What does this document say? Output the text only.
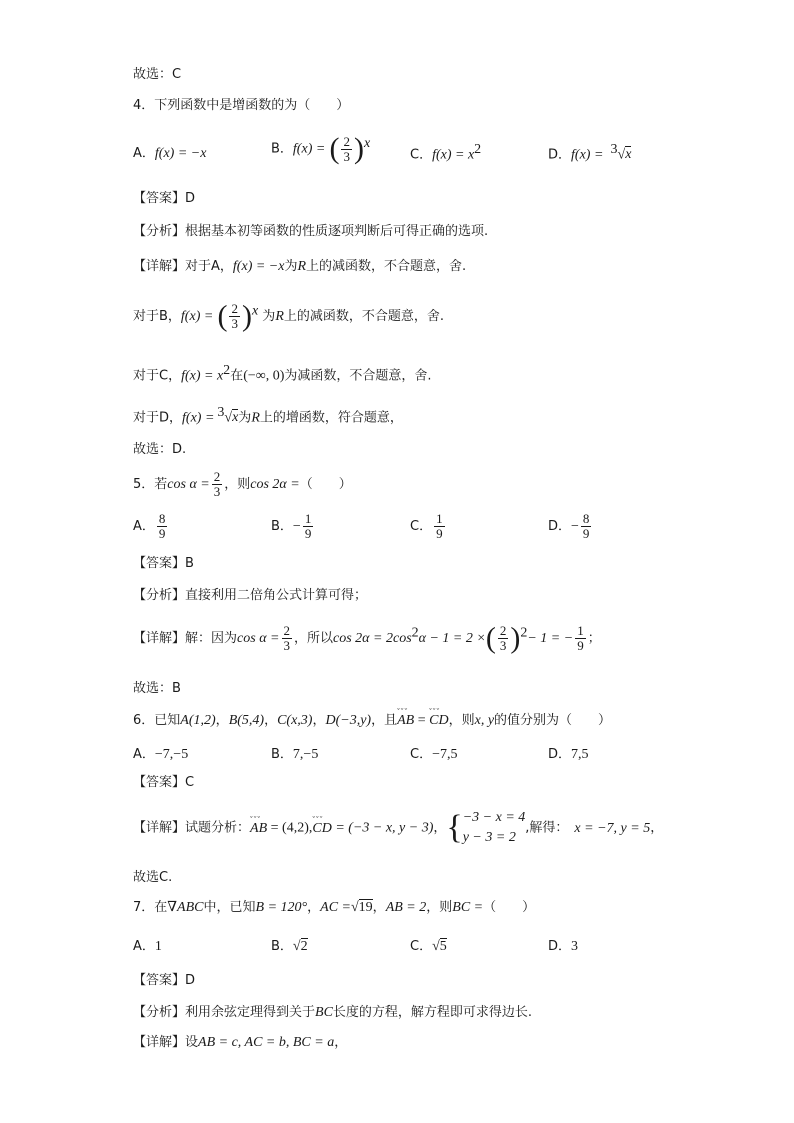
故选：C
4．下列函数中是增函数的为（　　）
A．f(x) = −x	B．f(x) = ( $\frac{2}{3} )^x$
C．$f(x) = x^2$	D．f(x) = $^3$√x
【答案】D
【分析】根据基本初等函数的性质逐项判断后可得正确的选项.
【详解】对于A，f(x) = −x为R上的减函数，不合题意，舍.
对于B，f(x) = ( $\frac{2}{3} )^x$ 为R上的减函数，不合题意，舍.
对于C，$f(x) = x^2$在(−∞, 0)为减函数，不合题意，舍.
对于D，f(x) = $^3$√x为R上的增函数，符合题意，
故选：D.
5．若$\cos \alpha = \frac{2}{3}$ ，则cos 2α =（　　）
A． $\frac{8}{9}$	B．− $\frac{1}{9}$	C． $\frac{1}{9}$	D．− $\frac{8}{9}$
【答案】B
【分析】直接利用二倍角公式计算可得；
【详解】解：因为$\cos \alpha = \frac{2}{3}$ ，所以$\cos 2\alpha = 2\cos^2\alpha - 1 = 2$ ×( $\frac{2}{3} )^2- 1$ = − $\frac{1}{9}$ ；
故选：B
6．已知A(1,2)，B(5,4)，C(x,3)，D(−3,y)，且ˇˇˇ AB = ˇˇˇ CD，则x, y的值分别为（　　）
A．−7,−5	B．7,−5	C．−7,5	D．7,5
【答案】C
【详解】试题分析：ˇˇˇ AB = (4,2),ˇˇˇ CD = (−3 − x, y − 3)，{ −3 − x = 4
y − 3 = 2
,解得： x = −7, y = 5，
故选C.
7．在∇ABC中，已知B = 120°，AC =√19，AB = 2，则BC =（　　）
A．1	B．√2	C．√5	D．3
【答案】D
【分析】利用余弦定理得到关于BC长度的方程，解方程即可求得边长.
【详解】设AB = c, AC = b, BC = a，
